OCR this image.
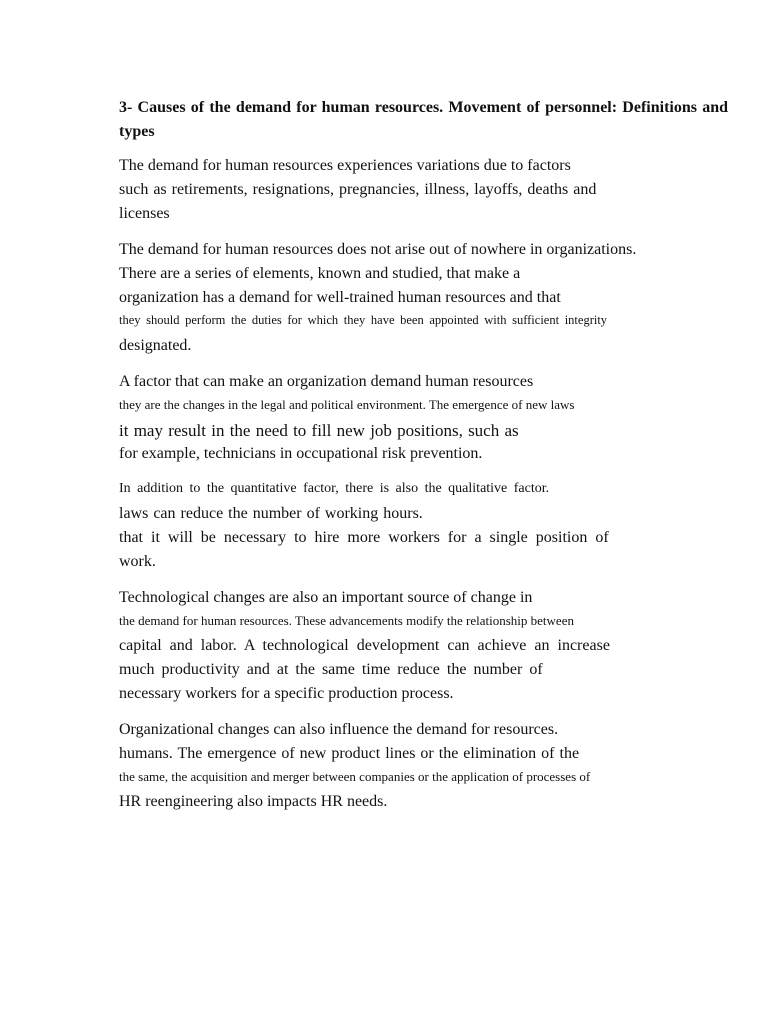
3- Causes of the demand for human resources. Movement of personnel: Definitions and types

The demand for human resources experiences variations due to factors

such as retirements, resignations, pregnancies, illness, layoffs, deaths and

licenses

The demand for human resources does not arise out of nowhere in organizations.

There are a series of elements, known and studied, that make a

organization has a demand for well-trained human resources and that

they should perform the duties for which they have been appointed with sufficient integrity

designated.

A factor that can make an organization demand human resources

they are the changes in the legal and political environment. The emergence of new laws

it may result in the need to fill new job positions, such as

for example, technicians in occupational risk prevention.

In addition to the quantitative factor, there is also the qualitative factor.

laws can reduce the number of working hours.

that it will be necessary to hire more workers for a single position of

work.

Technological changes are also an important source of change in

the demand for human resources. These advancements modify the relationship between

capital and labor. A technological development can achieve an increase

much productivity and at the same time reduce the number of

necessary workers for a specific production process.

Organizational changes can also influence the demand for resources.

humans. The emergence of new product lines or the elimination of the

the same, the acquisition and merger between companies or the application of processes of

HR reengineering also impacts HR needs.
